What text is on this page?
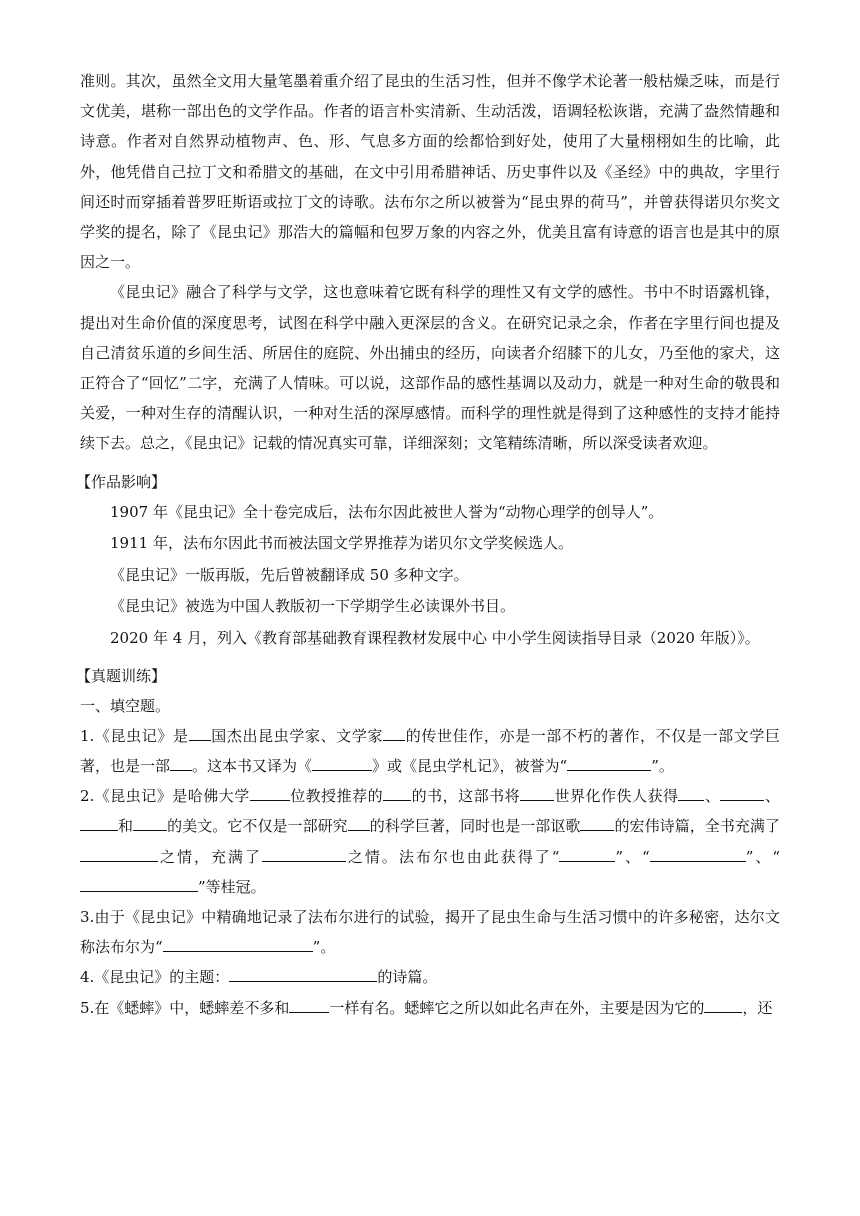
准则。其次，虽然全文用大量笔墨着重介绍了昆虫的生活习性，但并不像学术论著一般枯燥乏味，而是行文优美，堪称一部出色的文学作品。作者的语言朴实清新、生动活泼，语调轻松诙谐，充满了盎然情趣和诗意。作者对自然界动植物声、色、形、气息多方面的绘都恰到好处，使用了大量栩栩如生的比喻，此外，他凭借自己拉丁文和希腊文的基础，在文中引用希腊神话、历史事件以及《圣经》中的典故，字里行间还时而穿插着普罗旺斯语或拉丁文的诗歌。法布尔之所以被誉为“昆虫界的荷马”，并曾获得诺贝尔奖文学奖的提名，除了《昆虫记》那浩大的篇幅和包罗万象的内容之外，优美且富有诗意的语言也是其中的原因之一。

《昆虫记》融合了科学与文学，这也意味着它既有科学的理性又有文学的感性。书中不时语露机锋，提出对生命价值的深度思考，试图在科学中融入更深层的含义。在研究记录之余，作者在字里行间也提及自己清贫乐道的乡间生活、所居住的庭院、外出捕虫的经历，向读者介绍膝下的儿女，乃至他的家犬，这正符合了“回忆”二字，充满了人情味。可以说，这部作品的感性基调以及动力，就是一种对生命的敬畏和关爱，一种对生存的清醒认识，一种对生活的深厚感情。而科学的理性就是得到了这种感性的支持才能持续下去。总之，《昆虫记》记载的情况真实可靠，详细深刻；文笔精练清晰，所以深受读者欢迎。

【作品影响】

1907 年《昆虫记》全十卷完成后，法布尔因此被世人誉为“动物心理学的创导人”。

1911 年，法布尔因此书而被法国文学界推荐为诺贝尔文学奖候选人。

《昆虫记》一版再版，先后曾被翻译成 50 多种文字。

《昆虫记》被选为中国人教版初一下学期学生必读课外书目。

2020 年 4 月，列入《教育部基础教育课程教材发展中心 中小学生阅读指导目录（2020 年版）》。

【真题训练】

一、填空题。

1.《昆虫记》是 国杰出昆虫学家、文学家 的传世佳作，亦是一部不朽的著作，不仅是一部文学巨著，也是一部 。这本书又译为《	》或《昆虫学札记》，被誉为“	”。

2.《昆虫记》是哈佛大学	位教授推荐的 的书，这部书将 世界化作佚人获得 、	、和 的美文。它不仅是一部研究 的科学巨著，同时也是一部讴歌 的宏伟诗篇，全书充满了之情，充满了	之情。法布尔也由此获得了“	”、“	”、“”等桂冠。

3.由于《昆虫记》中精确地记录了法布尔进行的试验，揭开了昆虫生命与生活习惯中的许多秘密，达尔文称法布尔为“	”。

4.《昆虫记》的主题：	的诗篇。

5.在《蟋蟀》中，蟋蟀差不多和	一样有名。蟋蟀它之所以如此名声在外，主要是因为它的	，还
